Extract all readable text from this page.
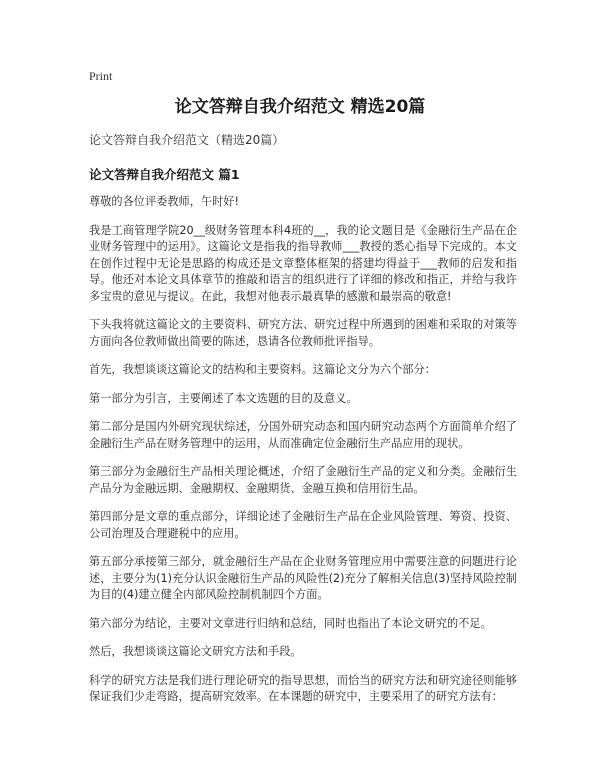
Print
论文答辩自我介绍范文 精选20篇

论文答辩自我介绍范文（精选20篇）

论文答辩自我介绍范文 篇1

尊敬的各位评委教师，午时好!

我是工商管理学院20__级财务管理本科4班的__，我的论文题目是《金融衍生产品在企业财务管理中的运用》。这篇论文是指我的指导教师___教授的悉心指导下完成的。本文在创作过程中无论是思路的构成还是文章整体框架的搭建均得益于___教师的启发和指导。他还对本论文具体章节的推敲和语言的组织进行了详细的修改和指正，并给与我许多宝贵的意见与提议。在此，我想对他表示最真挚的感激和最崇高的敬意!

下头我将就这篇论文的主要资料、研究方法、研究过程中所遇到的困难和采取的对策等方面向各位教师做出简要的陈述，恳请各位教师批评指导。

首先，我想谈谈这篇论文的结构和主要资料。这篇论文分为六个部分：

第一部分为引言，主要阐述了本文选题的目的及意义。

第二部分是国内外研究现状综述，分国外研究动态和国内研究动态两个方面简单介绍了金融衍生产品在财务管理中的运用，从而准确定位金融衍生产品应用的现状。

第三部分为金融衍生产品相关理论概述，介绍了金融衍生产品的定义和分类。金融衍生产品分为金融远期、金融期权、金融期货、金融互换和信用衍生品。

第四部分是文章的重点部分，详细论述了金融衍生产品在企业风险管理、筹资、投资、公司治理及合理避税中的应用。

第五部分承接第三部分，就金融衍生产品在企业财务管理应用中需要注意的问题进行论述，主要分为(1)充分认识金融衍生产品的风险性(2)充分了解相关信息(3)坚持风险控制为目的(4)建立健全内部风险控制机制四个方面。

第六部分为结论，主要对文章进行归纳和总结，同时也指出了本论文研究的不足。

然后，我想谈谈这篇论文研究方法和手段。

科学的研究方法是我们进行理论研究的指导思想，而恰当的研究方法和研究途径则能够保证我们少走弯路，提高研究效率。在本课题的研究中，主要采用了的研究方法有：
